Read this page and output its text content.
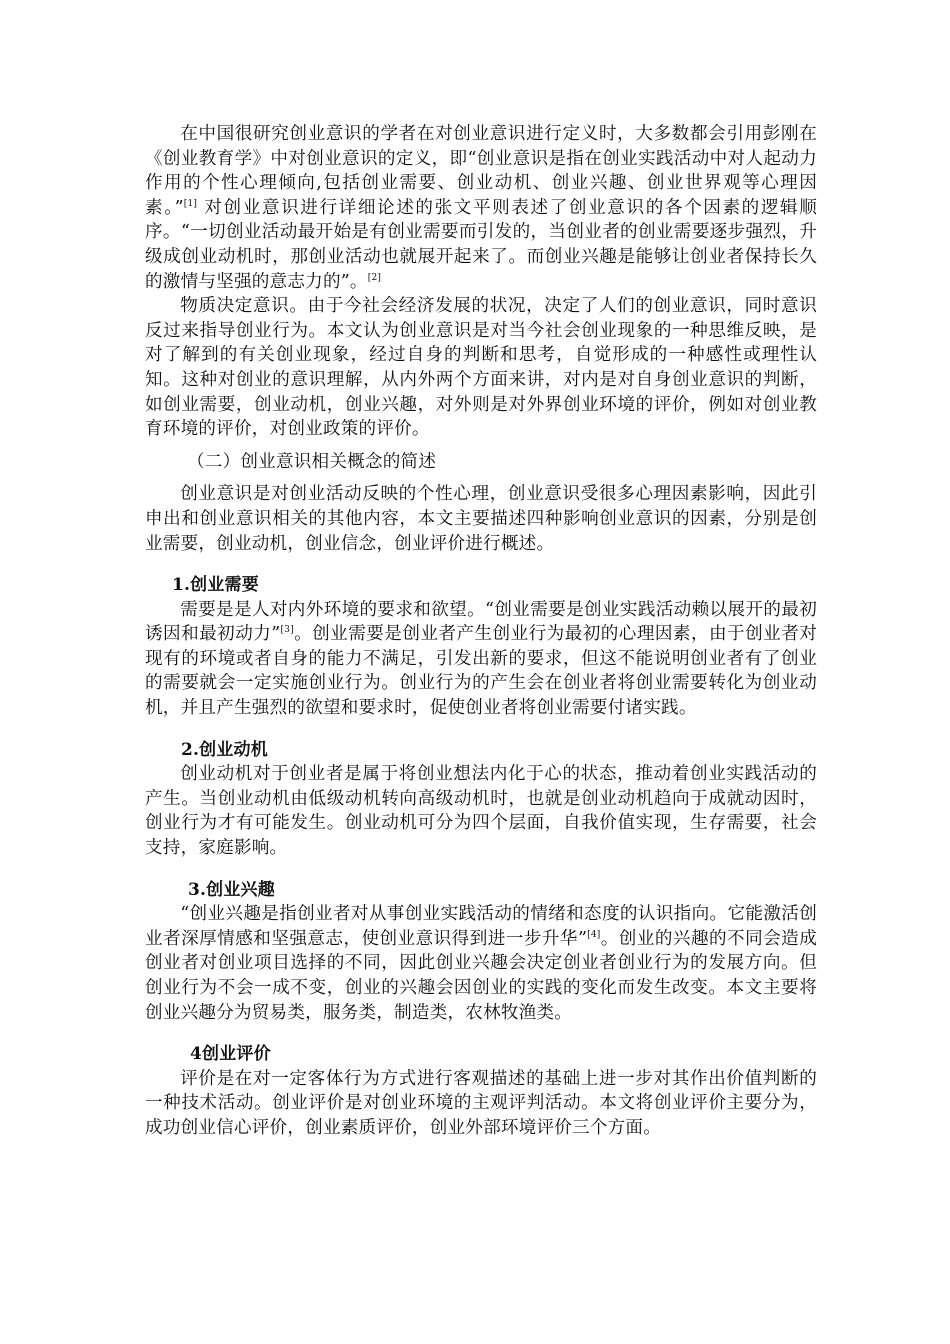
在中国很研究创业意识的学者在对创业意识进行定义时，大多数都会引用彭刚在《创业教育学》中对创业意识的定义，即“创业意识是指在创业实践活动中对人起动力作用的个性心理倾向,包括创业需要、创业动机、创业兴趣、创业世界观等心理因素。”[1] 对创业意识进行详细论述的张文平则表述了创业意识的各个因素的逻辑顺序。“一切创业活动最开始是有创业需要而引发的，当创业者的创业需要逐步强烈，升级成创业动机时，那创业活动也就展开起来了。而创业兴趣是能够让创业者保持长久的激情与坚强的意志力的”。[2]

物质决定意识。由于今社会经济发展的状况，决定了人们的创业意识，同时意识反过来指导创业行为。本文认为创业意识是对当今社会创业现象的一种思维反映，是对了解到的有关创业现象，经过自身的判断和思考，自觉形成的一种感性或理性认知。这种对创业的意识理解，从内外两个方面来讲，对内是对自身创业意识的判断，如创业需要，创业动机，创业兴趣，对外则是对外界创业环境的评价，例如对创业教育环境的评价，对创业政策的评价。

（二）创业意识相关概念的简述

创业意识是对创业活动反映的个性心理，创业意识受很多心理因素影响，因此引申出和创业意识相关的其他内容，本文主要描述四种影响创业意识的因素，分别是创业需要，创业动机，创业信念，创业评价进行概述。

1.创业需要

需要是是人对内外环境的要求和欲望。“创业需要是创业实践活动赖以展开的最初诱因和最初动力”[3]。创业需要是创业者产生创业行为最初的心理因素，由于创业者对现有的环境或者自身的能力不满足，引发出新的要求，但这不能说明创业者有了创业的需要就会一定实施创业行为。创业行为的产生会在创业者将创业需要转化为创业动机，并且产生强烈的欲望和要求时，促使创业者将创业需要付诸实践。

2.创业动机

创业动机对于创业者是属于将创业想法内化于心的状态，推动着创业实践活动的产生。当创业动机由低级动机转向高级动机时，也就是创业动机趋向于成就动因时，创业行为才有可能发生。创业动机可分为四个层面，自我价值实现，生存需要，社会支持，家庭影响。

3.创业兴趣

“创业兴趣是指创业者对从事创业实践活动的情绪和态度的认识指向。它能激活创业者深厚情感和坚强意志，使创业意识得到进一步升华”[4]。创业的兴趣的不同会造成创业者对创业项目选择的不同，因此创业兴趣会决定创业者创业行为的发展方向。但创业行为不会一成不变，创业的兴趣会因创业的实践的变化而发生改变。本文主要将创业兴趣分为贸易类，服务类，制造类，农林牧渔类。

4创业评价

评价是在对一定客体行为方式进行客观描述的基础上进一步对其作出价值判断的一种技术活动。创业评价是对创业环境的主观评判活动。本文将创业评价主要分为，成功创业信心评价，创业素质评价，创业外部环境评价三个方面。
